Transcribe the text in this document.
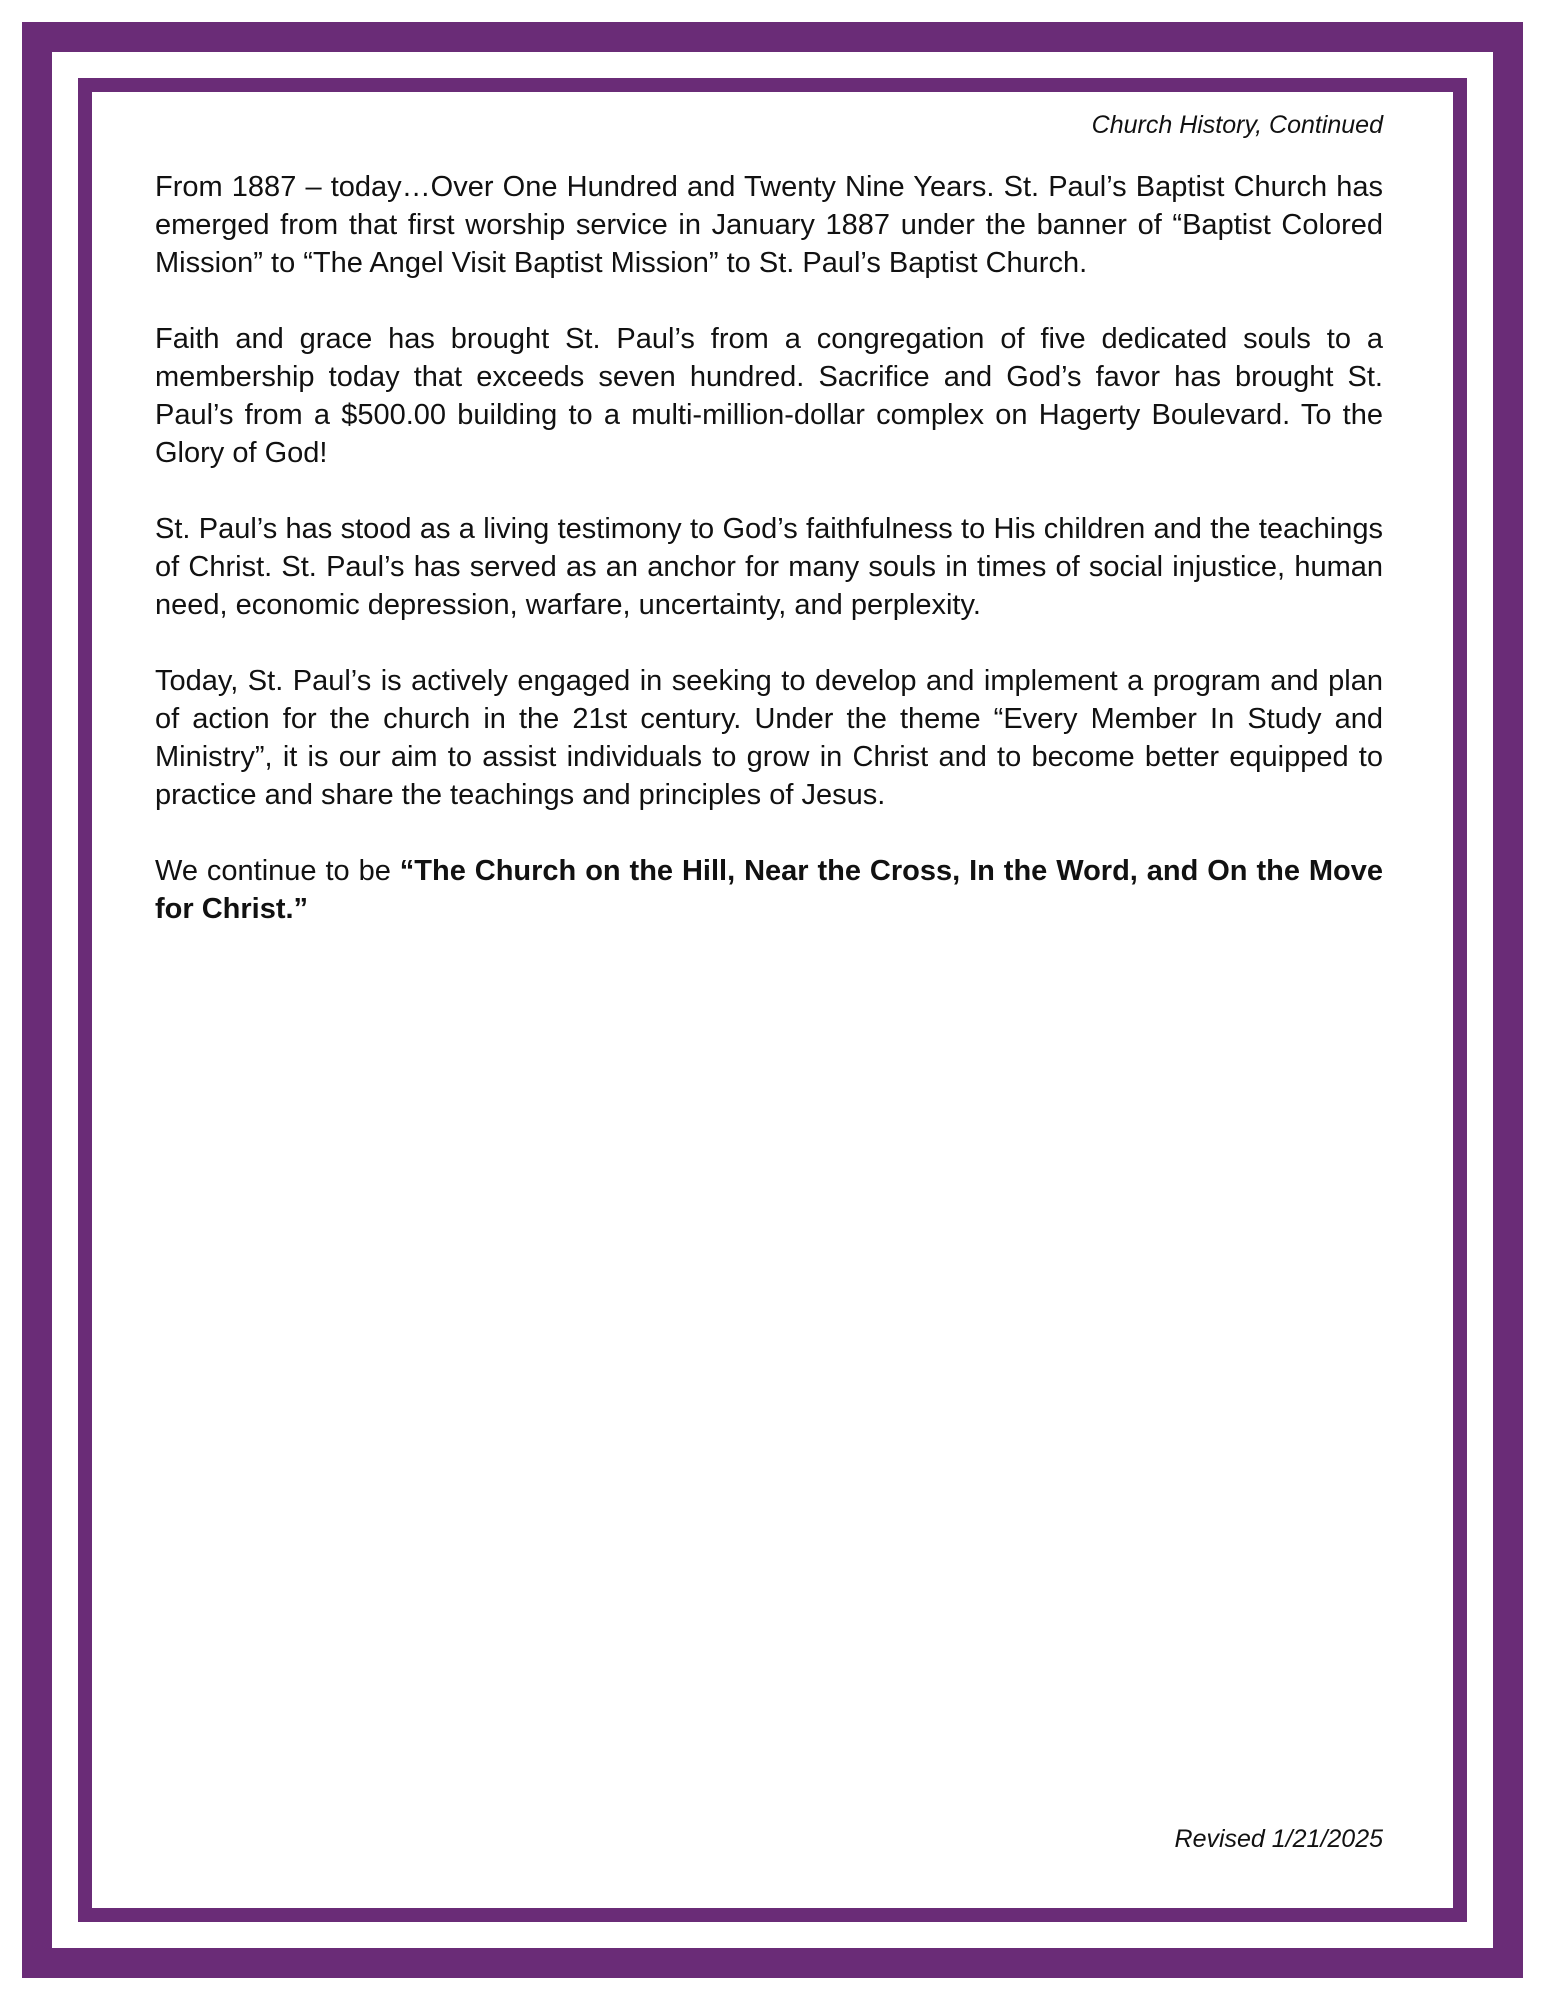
Church History, Continued

From 1887 – today…Over One Hundred and Twenty Nine Years. St. Paul’s Baptist Church has emerged from that first worship service in January 1887 under the banner of “Baptist Colored Mission” to “The Angel Visit Baptist Mission” to St. Paul’s Baptist Church.

Faith and grace has brought St. Paul’s from a congregation of five dedicated souls to a membership today that exceeds seven hundred. Sacrifice and God’s favor has brought St. Paul’s from a $500.00 building to a multi-million-dollar complex on Hagerty Boulevard. To the Glory of God!

St. Paul’s has stood as a living testimony to God’s faithfulness to His children and the teachings of Christ. St. Paul’s has served as an anchor for many souls in times of social injustice, human need, economic depression, warfare, uncertainty, and perplexity.

Today, St. Paul’s is actively engaged in seeking to develop and implement a program and plan of action for the church in the 21st century. Under the theme “Every Member In Study and Ministry”, it is our aim to assist individuals to grow in Christ and to become better equipped to practice and share the teachings and principles of Jesus.

We continue to be “The Church on the Hill, Near the Cross, In the Word, and On the Move for Christ.”

Revised 1/21/2025
